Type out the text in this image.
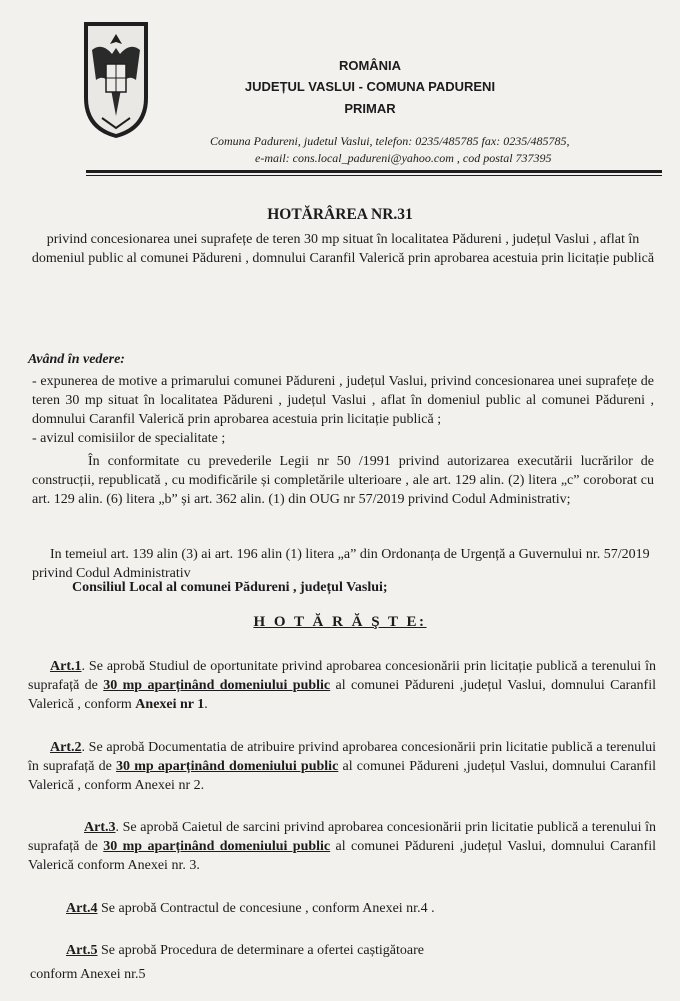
ROMÂNIA
JUDEȚUL VASLUI - COMUNA PADURENI
PRIMAR
Comuna Padureni, judetul Vaslui, telefon: 0235/485785 fax: 0235/485785,
e-mail: cons.local_padureni@yahoo.com , cod postal 737395
HOTĂRÂREA NR.31
privind concesionarea unei suprafețe de teren 30 mp situat în localitatea Pădureni , județul Vaslui , aflat în domeniul public al comunei Pădureni , domnului Caranfil Valerică prin aprobarea acestuia prin licitație publică
Având în vedere:
- expunerea de motive a primarului comunei Pădureni , județul Vaslui, privind concesionarea unei suprafețe de teren 30 mp situat în localitatea Pădureni , județul Vaslui , aflat în domeniul public al comunei Pădureni , domnului Caranfil Valerică prin aprobarea acestuia prin licitație publică ;
- avizul comisiilor de specialitate ;
În conformitate cu prevederile Legii nr 50 /1991 privind autorizarea executării lucrărilor de construcții, republicată , cu modificările și completările ulterioare , ale art. 129 alin. (2) litera „c” coroborat cu art. 129 alin. (6) litera „b” și art. 362 alin. (1) din OUG nr 57/2019 privind Codul Administrativ;
In temeiul art. 139 alin (3) ai art. 196 alin (1) litera „a” din Ordonanța de Urgență a Guvernului nr. 57/2019 privind Codul Administrativ
Consiliul Local al comunei Pădureni , județul Vaslui;
H O T Ă R Ă Ş T E:
Art.1. Se aprobă Studiul de oportunitate privind aprobarea concesionării prin licitație publică a terenului în suprafață de 30 mp aparținând domeniului public al comunei Pădureni ,județul Vaslui, domnului Caranfil Valerică , conform Anexei nr 1.
Art.2. Se aprobă Documentatia de atribuire privind aprobarea concesionării prin licitatie publică a terenului în suprafață de 30 mp aparținând domeniului public al comunei Pădureni ,județul Vaslui, domnului Caranfil Valerică , conform Anexei nr 2.
Art.3. Se aprobă Caietul de sarcini privind aprobarea concesionării prin licitatie publică a terenului în suprafață de 30 mp aparținând domeniului public al comunei Pădureni ,județul Vaslui, domnului Caranfil Valerică conform Anexei nr. 3.
Art.4 Se aprobă Contractul de concesiune , conform Anexei nr.4 .
Art.5 Se aprobă Procedura de determinare a ofertei caștigătoare
conform Anexei nr.5
